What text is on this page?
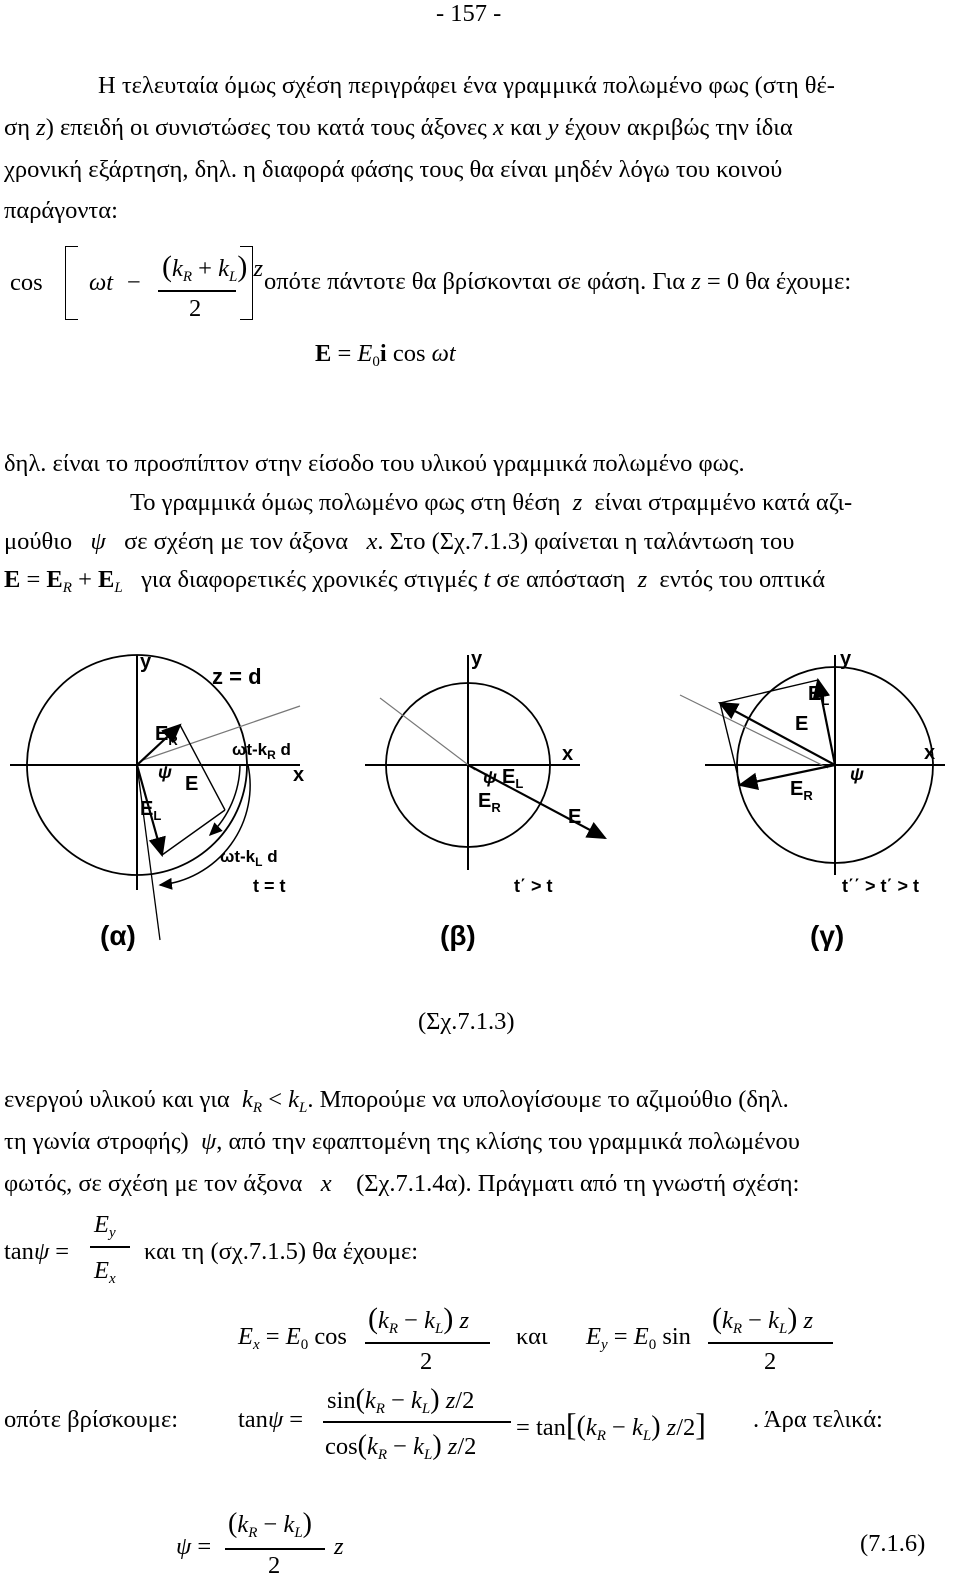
- 157 -
Η τελευταία όμως σχέση περιγράφει ένα γραμμικά πολωμένο φως (στη θέ-
ση z) επειδή οι συνιστώσες του κατά τους άξονες x και y έχουν ακριβώς την ίδια
χρονική εξάρτηση, δηλ. η διαφορά φάσης τους θα είναι μηδέν λόγω του κοινού
παράγοντα:
$\cos \omega t - (k_R + k_L)$ z
2
οπότε πάντοτε θα βρίσκονται σε φάση. Για z = 0 θα έχουμε:
$E = E_0i$ cos ωt
δηλ. είναι το προσπίπτον στην είσοδο του υλικού γραμμικά πολωμένο φως.
Το γραμμικά όμως πολωμένο φως στη θέση  z  είναι στραμμένο κατά αζι-
μούθιο   ψ   σε σχέση με τον άξονα   x. Στο (Σχ.7.1.3) φαίνεται η ταλάντωση του
$E = E_R + E_L$ για διαφορετικές χρονικές στιγμές t σε απόσταση  z  εντός του οπτικά
y
x
z = d
$E_R$
E
$E_L$
ψ
$\omega t-k_R$ d
$\omega t-k_L$ d
t = t
(α)
y
x
ψ $E_L$
$E_R$	E
t΄ > t
(β)
y
x
$E_L$
E
$E_R$
ψ
t΄΄ > t΄ > t
(γ)
(Σχ.7.1.3)
ενεργού υλικού και για  $k_R < k_L$. Μπορούμε να υπολογίσουμε το αζιμούθιο (δηλ.
τη γωνία στροφής)  ψ, από την εφαπτομένη της κλίσης του γραμμικά πολωμένου
φωτός, σε σχέση με τον άξονα   x    (Σχ.7.1.4α). Πράγματι από τη γνωστή σχέση:
tanψ =
$E_y$
$E_x$
και τη (σχ.7.1.5) θα έχουμε:
$E_x = E_0$ cos
$(k_R - k_L)$ z
2
και $E_y = E_0$ sin
$(k_R - k_L)$ z
2
οπότε βρίσκουμε: tanψ =
$\sin(k_R - k_L)$ z/2
$\cos(k_R - k_L)$ z/2
= $\tan[(k_R - k_L)$ z/2] . Άρα τελικά:
ψ =
$(k_R - k_L)$
2
z	(7.1.6)
